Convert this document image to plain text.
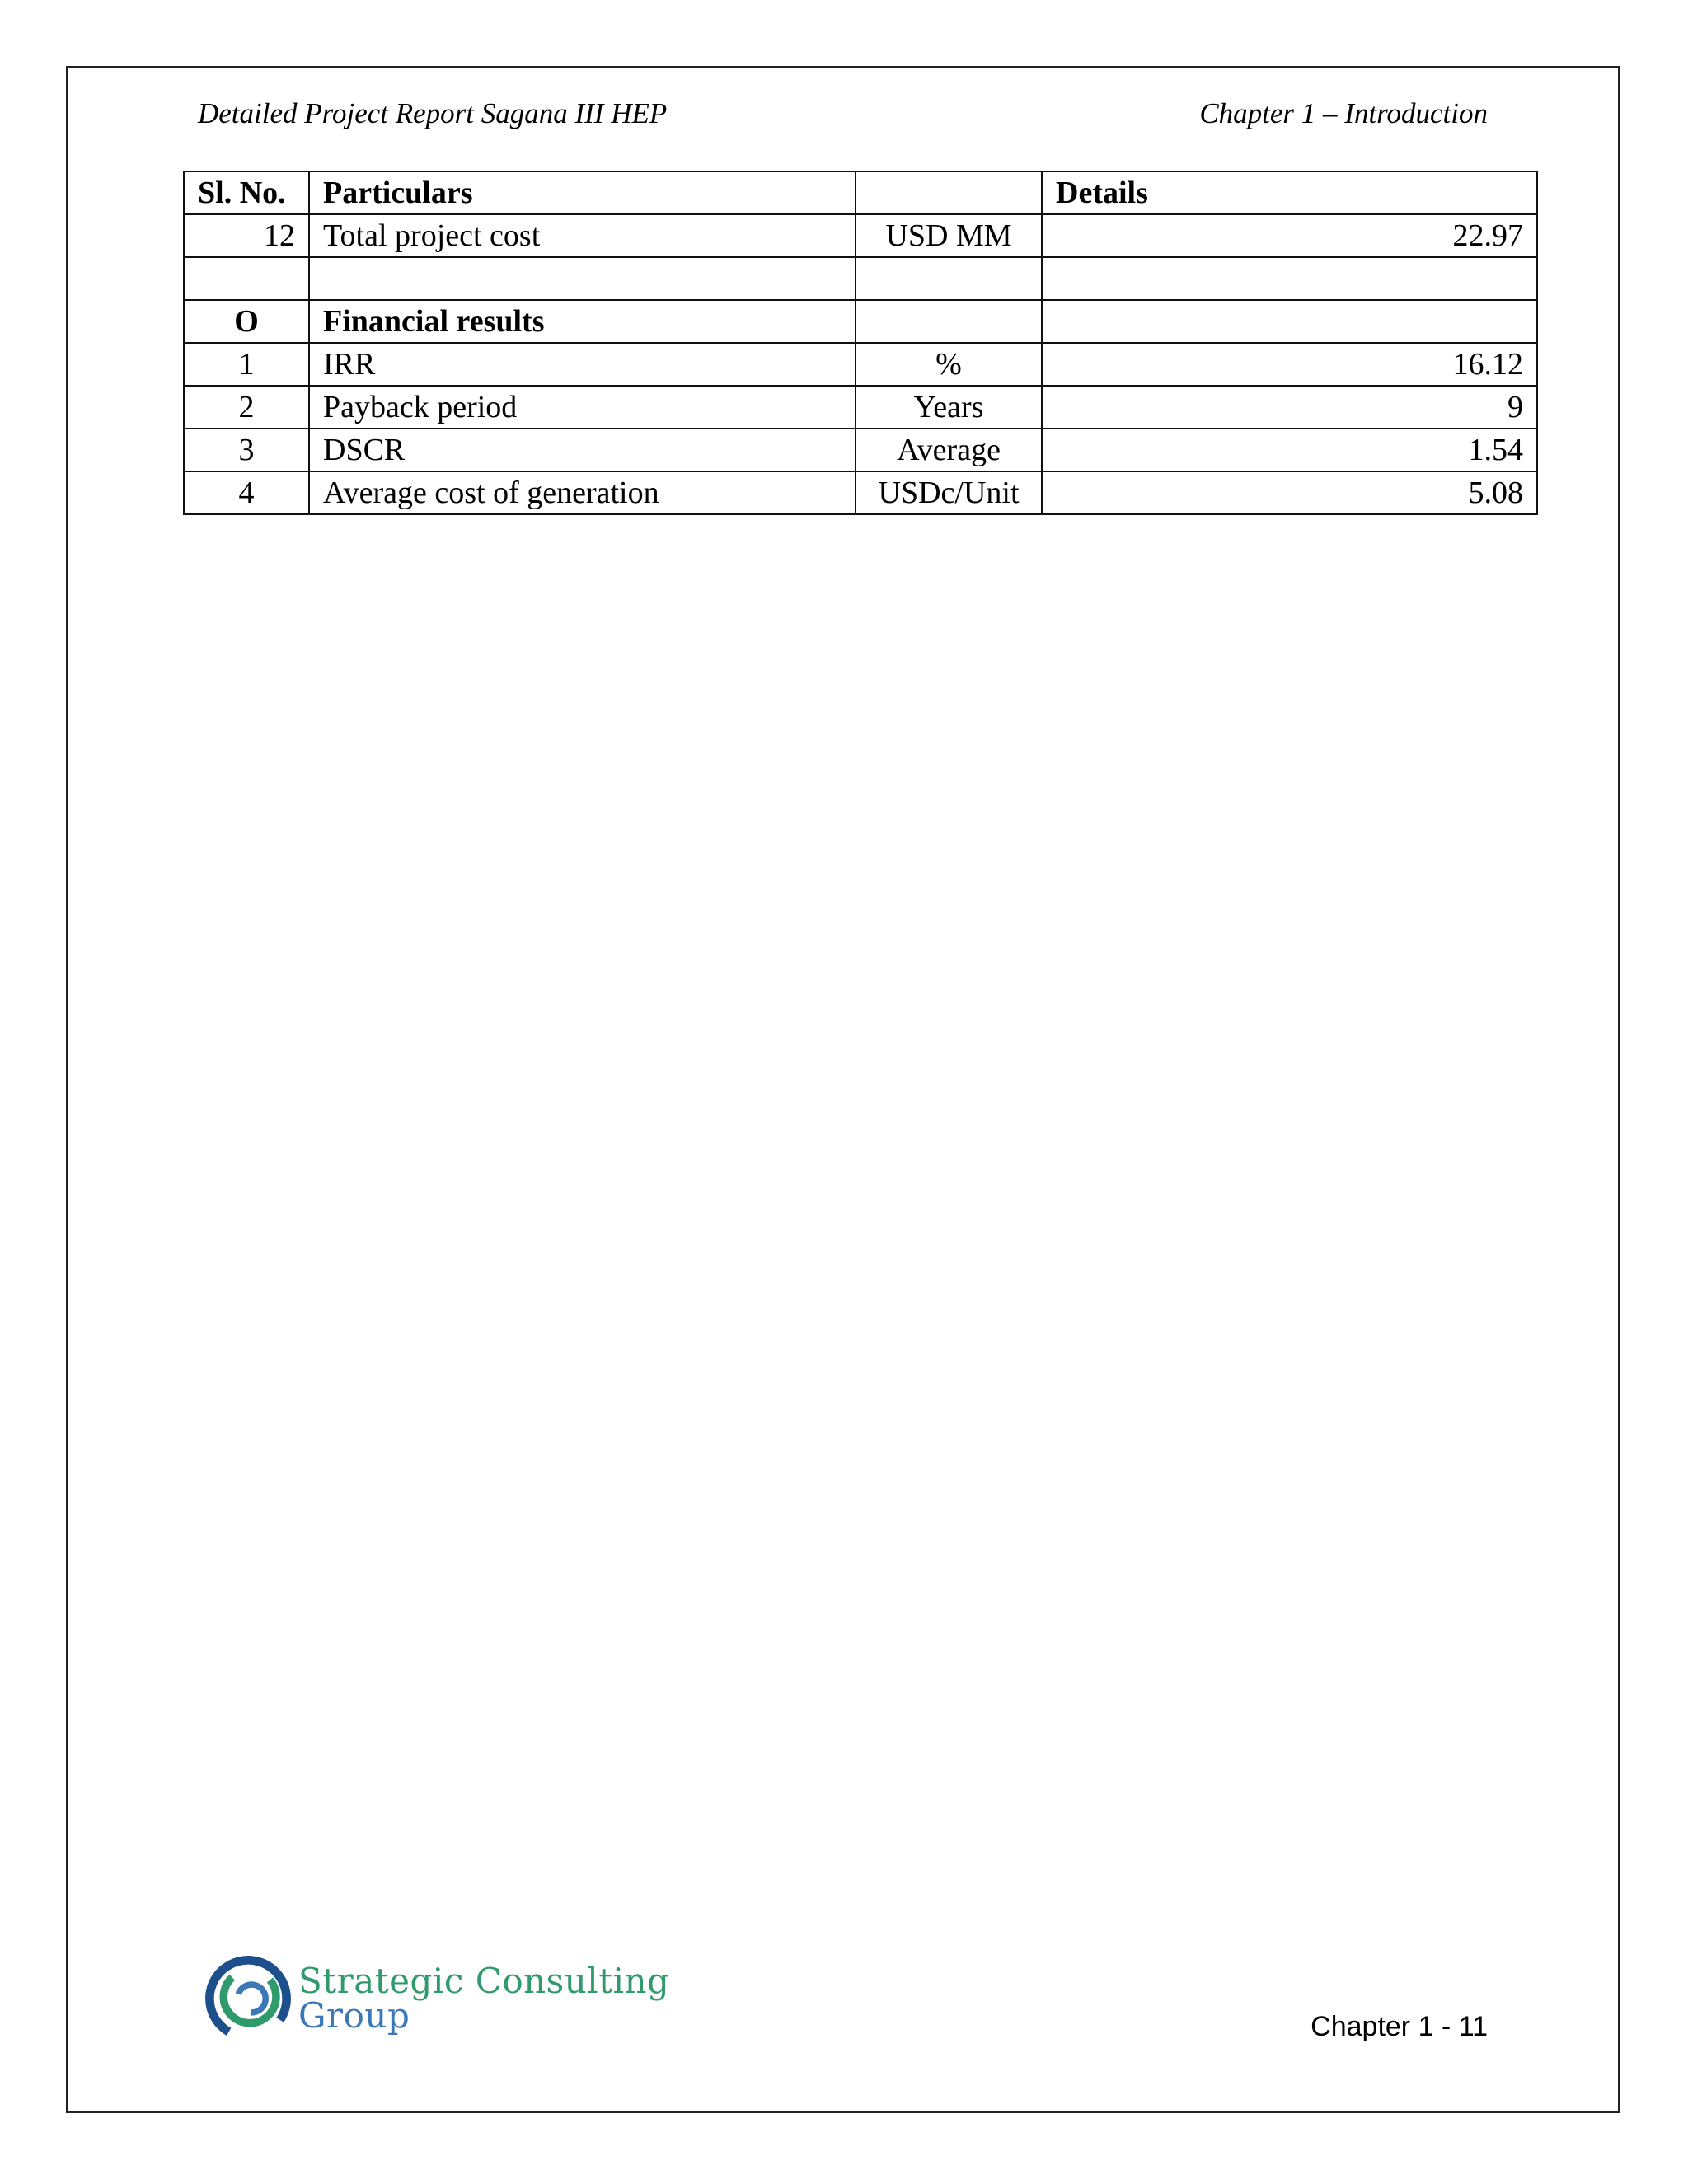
Detailed Project Report Sagana III HEP	Chapter 1 – Introduction
Sl. No.	Particulars		Details
12	Total project cost	USD MM	22.97

O	Financial results		
1	IRR	%	16.12
2	Payback period	Years	9
3	DSCR	Average	1.54
4	Average cost of generation	USDc/Unit	5.08
Strategic Consulting
Group	Chapter 1 - 11
